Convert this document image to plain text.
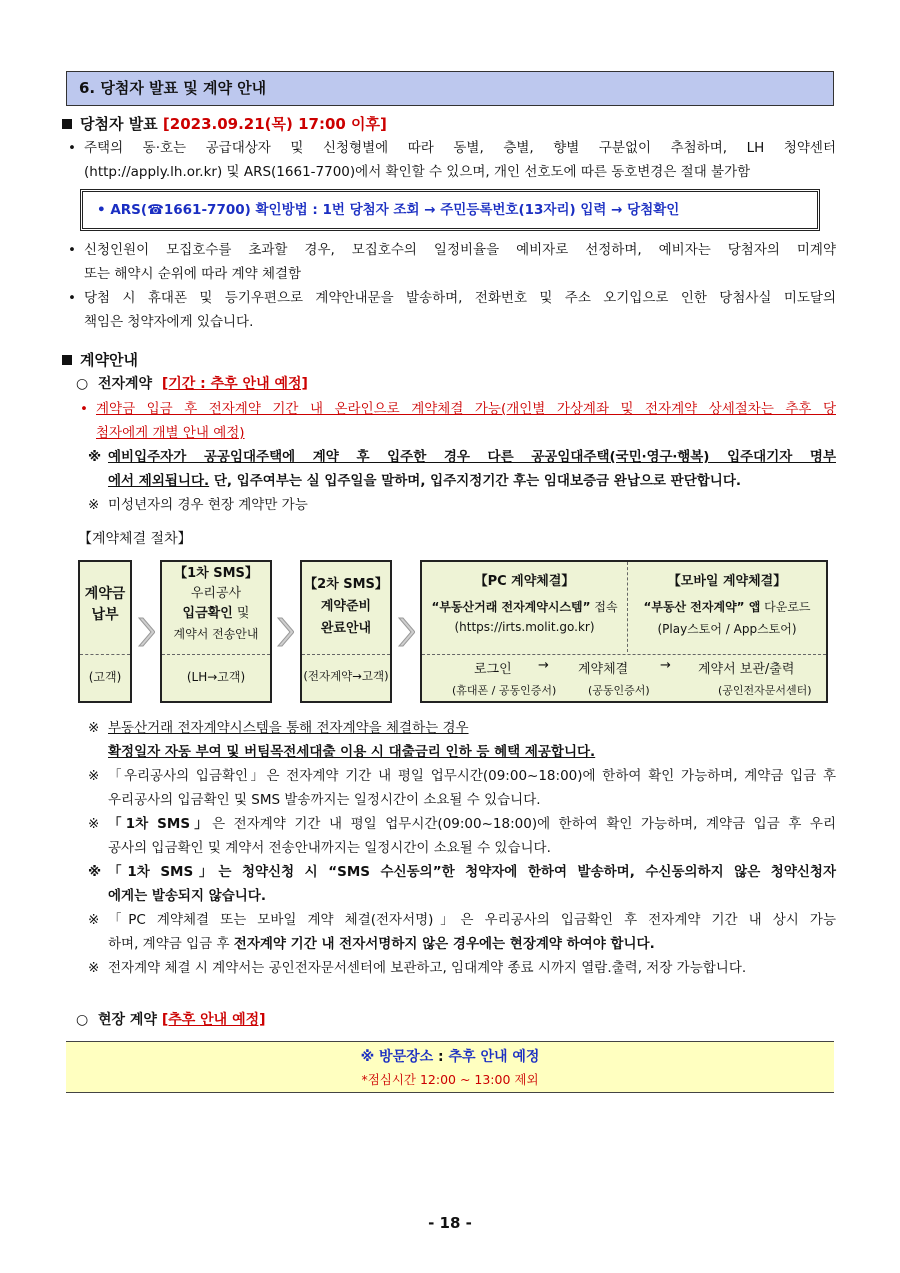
6. 당첨자 발표 및 계약 안내
당첨자 발표 [2023.09.21(목) 17:00 이후]
• 주택의 동‧호는 공급대상자 및 신청형별에 따라 동별, 층별, 향별 구분없이 추첨하며, LH 청약센터
(http://apply.lh.or.kr) 및 ARS(1661-7700)에서 확인할 수 있으며, 개인 선호도에 따른 동호변경은 절대 불가함
• ARS(☎1661-7700) 확인방법 : 1번 당첨자 조회 → 주민등록번호(13자리) 입력 → 당첨확인
• 신청인원이 모집호수를 초과할 경우, 모집호수의 일정비율을 예비자로 선정하며, 예비자는 당첨자의 미계약
또는 해약시 순위에 따라 계약 체결함
• 당첨 시 휴대폰 및 등기우편으로 계약안내문을 발송하며, 전화번호 및 주소 오기입으로 인한 당첨사실 미도달의
책임은 청약자에게 있습니다.
계약안내
○ 전자계약 [기간 : 추후 안내 예정]
• 계약금 입금 후 전자계약 기간 내 온라인으로 계약체결 가능(개인별 가상계좌 및 전자계약 상세절차는 추후 당
첨자에게 개별 안내 예정)
※ 예비입주자가 공공임대주택에 계약 후 입주한 경우 다른 공공임대주택(국민‧영구‧행복) 입주대기자 명부
에서 제외됩니다. 단, 입주여부는 실 입주일을 말하며, 입주지정기간 후는 임대보증금 완납으로 판단합니다.
※ 미성년자의 경우 현장 계약만 가능
【계약체결 절차】
계약금
납부
(고객)
【1차 SMS】
우리공사
입금확인 및
계약서 전송안내
(LH→고객)
【2차 SMS】
계약준비
완료안내
(전자계약→고객)
【PC 계약체결】
“부동산거래 전자계약시스템” 접속
(https://irts.molit.go.kr)
【모바일 계약체결】
“부동산 전자계약” 앱 다운로드
(Play스토어 / App스토어)
로그인 → 계약체결 → 계약서 보관/출력
(휴대폰 / 공동인증서)	(공동인증서)	(공인전자문서센터)
※ 부동산거래 전자계약시스템을 통해 전자계약을 체결하는 경우
확정일자 자동 부여 및 버팀목전세대출 이용 시 대출금리 인하 등 혜택 제공합니다.
※ 「우리공사의 입금확인」은 전자계약 기간 내 평일 업무시간(09:00~18:00)에 한하여 확인 가능하며, 계약금 입금 후
우리공사의 입금확인 및 SMS 발송까지는 일정시간이 소요될 수 있습니다.
※ 「1차 SMS」은 전자계약 기간 내 평일 업무시간(09:00~18:00)에 한하여 확인 가능하며, 계약금 입금 후 우리
공사의 입금확인 및 계약서 전송안내까지는 일정시간이 소요될 수 있습니다.
※ 「1차 SMS」는 청약신청 시 “SMS 수신동의”한 청약자에 한하여 발송하며, 수신동의하지 않은 청약신청자
에게는 발송되지 않습니다.
※ 「PC 계약체결 또는 모바일 계약 체결(전자서명)」은 우리공사의 입금확인 후 전자계약 기간 내 상시 가능
하며, 계약금 입금 후 전자계약 기간 내 전자서명하지 않은 경우에는 현장계약 하여야 합니다.
※ 전자계약 체결 시 계약서는 공인전자문서센터에 보관하고, 임대계약 종료 시까지 열람.출력, 저장 가능합니다.
○ 현장 계약 [추후 안내 예정]
※ 방문장소 : 추후 안내 예정
*점심시간 12:00 ~ 13:00 제외
- 18 -
